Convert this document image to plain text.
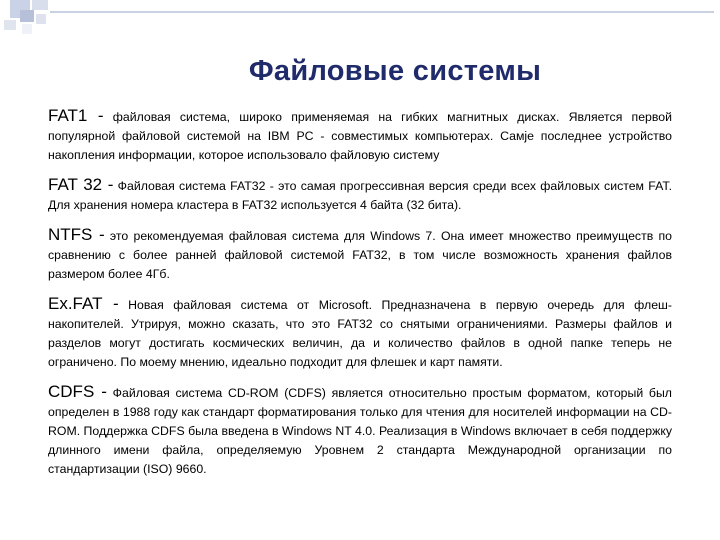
Файловые системы

FAT1 - файловая система, широко применяемая на гибких магнитных дисках. Является первой популярной файловой системой на IBM PC - совместимых компьютерах. Самje последнее устройство накопления информации, которое использовало файловую систему

FAT 32 - Файловая система FAT32 - это самая прогрессивная версия среди всех файловых систем FAT. Для хранения номера кластера в FAT32 используется 4 байта (32 бита).

NTFS - это рекомендуемая файловая система для Windows 7. Она имеет множество преимуществ по сравнению с более ранней файловой системой FAT32, в том числе возможность хранения файлов размером более 4Гб.

Ex.FAT - Новая файловая система от Microsoft. Предназначена в первую очередь для флеш-накопителей. Утрируя, можно сказать, что это FAT32 со снятыми ограничениями. Размеры файлов и разделов могут достигать космических величин, да и количество файлов в одной папке теперь не ограничено. По моему мнению, идеально подходит для флешек и карт памяти.

CDFS - Файловая система CD-ROM (CDFS) является относительно простым форматом, который был определен в 1988 году как стандарт форматирования только для чтения для носителей информации на CD-ROM. Поддержка CDFS была введена в Windows NT 4.0. Реализация в Windows включает в себя поддержку длинного имени файла, определяемую Уровнем 2 стандарта Международной организации по стандартизации (ISO) 9660.
